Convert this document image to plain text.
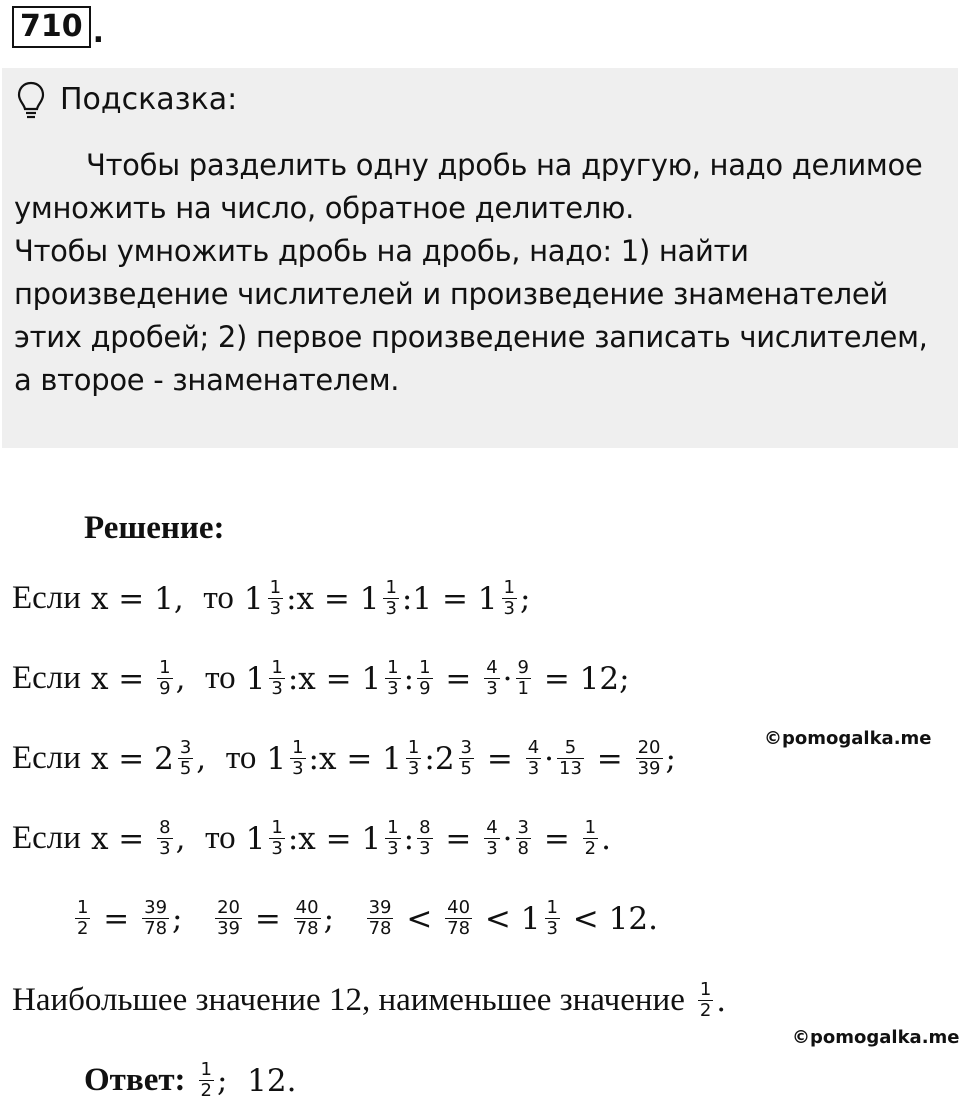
710 .
Подсказка:

Чтобы разделить одну дробь на другую, надо делимое умножить на число, обратное делителю.

Чтобы умножить дробь на дробь, надо: 1) найти произведение числителей и произведение знаменателей этих дробей; 2) первое произведение записать числителем, а второе - знаменателем.

Решение:
Если x = 1 , то $1 \frac{1}{3}$ : $x = 1 \frac{1}{3}$ : $1 = 1 \frac{1}{3}$ ;
Если $x = \frac{1}{9}$ , то $1 \frac{1}{3}$ : $x = 1 \frac{1}{3}$ : $\frac{1}{9} = \frac{4}{3} \cdot \frac{9}{1} = 12$ ;
Если $x = 2 \frac{3}{5}$ , то $1 \frac{1}{3}$ : $x = 1 \frac{1}{3}$ : $2 \frac{3}{5} = \frac{4}{3} \cdot \frac{5}{13} = \frac{20}{39}$ ;
Если $x = \frac{8}{3}$ , то $1 \frac{1}{3}$ : $x = 1 \frac{1}{3}$ : $\frac{8}{3} = \frac{4}{3} \cdot \frac{3}{8} = \frac{1}{2}$ .
$\frac{1}{2} = \frac{39}{78}$ ; $\frac{20}{39} = \frac{40}{78}$ ; $\frac{39}{78} < \frac{40}{78} < 1 \frac{1}{3} < 12$ .
Наибольшее значение 12, наименьшее значение $\frac{1}{2}$ .
Ответ: $\frac{1}{2}$ ; 12 .
©pomogalka.me
©pomogalka.me
